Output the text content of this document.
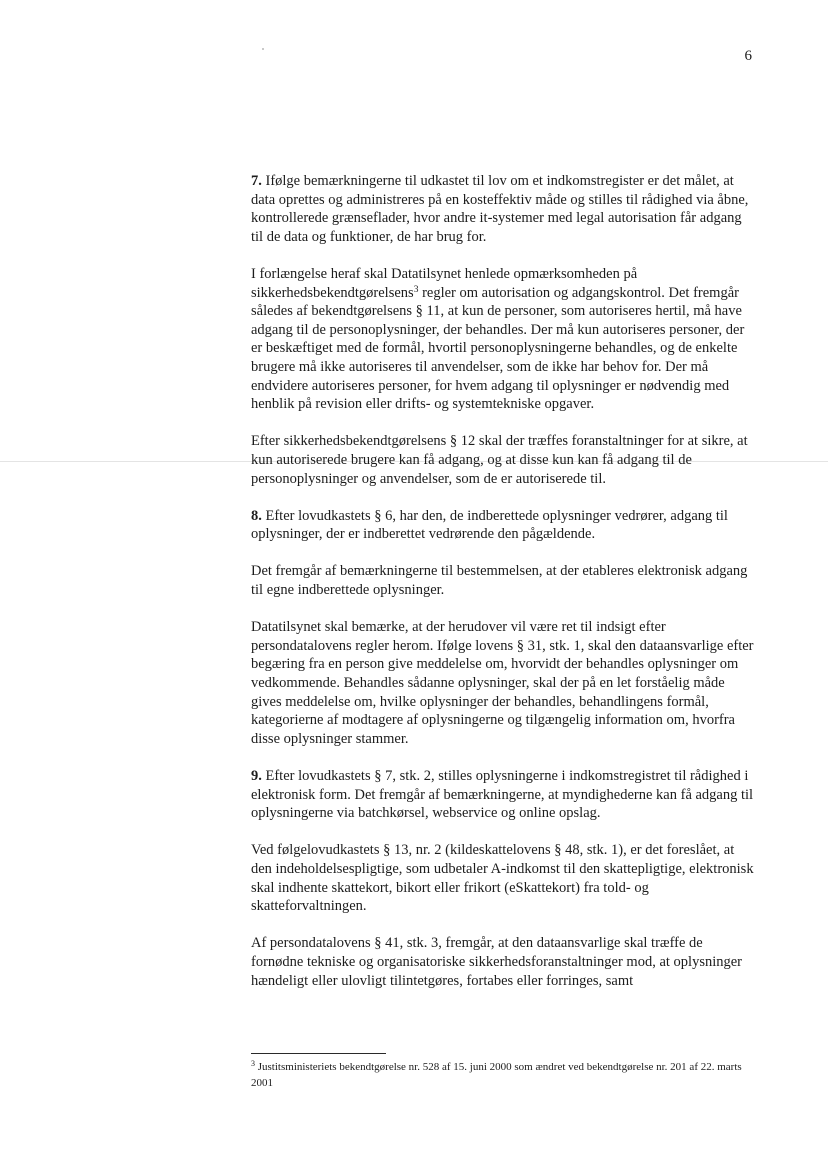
6

7. Ifølge bemærkningerne til udkastet til lov om et indkomstregister er det målet, at data oprettes og administreres på en kosteffektiv måde og stilles til rådighed via åbne, kontrollerede grænseflader, hvor andre it-systemer med legal autorisation får adgang til de data og funktioner, de har brug for.

I forlængelse heraf skal Datatilsynet henlede opmærksomheden på sikkerhedsbekendtgørelsens$^3$ regler om autorisation og adgangskontrol. Det fremgår således af bekendtgørelsens § 11, at kun de personer, som autoriseres hertil, må have adgang til de personoplysninger, der behandles. Der må kun autoriseres personer, der er beskæftiget med de formål, hvortil personoplysningerne behandles, og de enkelte brugere må ikke autoriseres til anvendelser, som de ikke har behov for. Der må endvidere autoriseres personer, for hvem adgang til oplysninger er nødvendig med henblik på revision eller drifts- og systemtekniske opgaver.

Efter sikkerhedsbekendtgørelsens § 12 skal der træffes foranstaltninger for at sikre, at kun autoriserede brugere kan få adgang, og at disse kun kan få adgang til de personoplysninger og anvendelser, som de er autoriserede til.

8. Efter lovudkastets § 6, har den, de indberettede oplysninger vedrører, adgang til oplysninger, der er indberettet vedrørende den pågældende.

Det fremgår af bemærkningerne til bestemmelsen, at der etableres elektronisk adgang til egne indberettede oplysninger.

Datatilsynet skal bemærke, at der herudover vil være ret til indsigt efter persondatalovens regler herom. Ifølge lovens § 31, stk. 1, skal den dataansvarlige efter begæring fra en person give meddelelse om, hvorvidt der behandles oplysninger om vedkommende. Behandles sådanne oplysninger, skal der på en let forståelig måde gives meddelelse om, hvilke oplysninger der behandles, behandlingens formål, kategorierne af modtagere af oplysningerne og tilgængelig information om, hvorfra disse oplysninger stammer.

9. Efter lovudkastets § 7, stk. 2, stilles oplysningerne i indkomstregistret til rådighed i elektronisk form. Det fremgår af bemærkningerne, at myndighederne kan få adgang til oplysningerne via batchkørsel, webservice og online opslag.

Ved følgelovudkastets § 13, nr. 2 (kildeskattelovens § 48, stk. 1), er det foreslået, at den indeholdelsespligtige, som udbetaler A-indkomst til den skattepligtige, elektronisk skal indhente skattekort, bikort eller frikort (eSkattekort) fra told- og skatteforvaltningen.

Af persondatalovens § 41, stk. 3, fremgår, at den dataansvarlige skal træffe de fornødne tekniske og organisatoriske sikkerhedsforanstaltninger mod, at oplysninger hændeligt eller ulovligt tilintetgøres, fortabes eller forringes, samt

$^3$ Justitsministeriets bekendtgørelse nr. 528 af 15. juni 2000 som ændret ved bekendtgørelse nr. 201 af 22. marts 2001
